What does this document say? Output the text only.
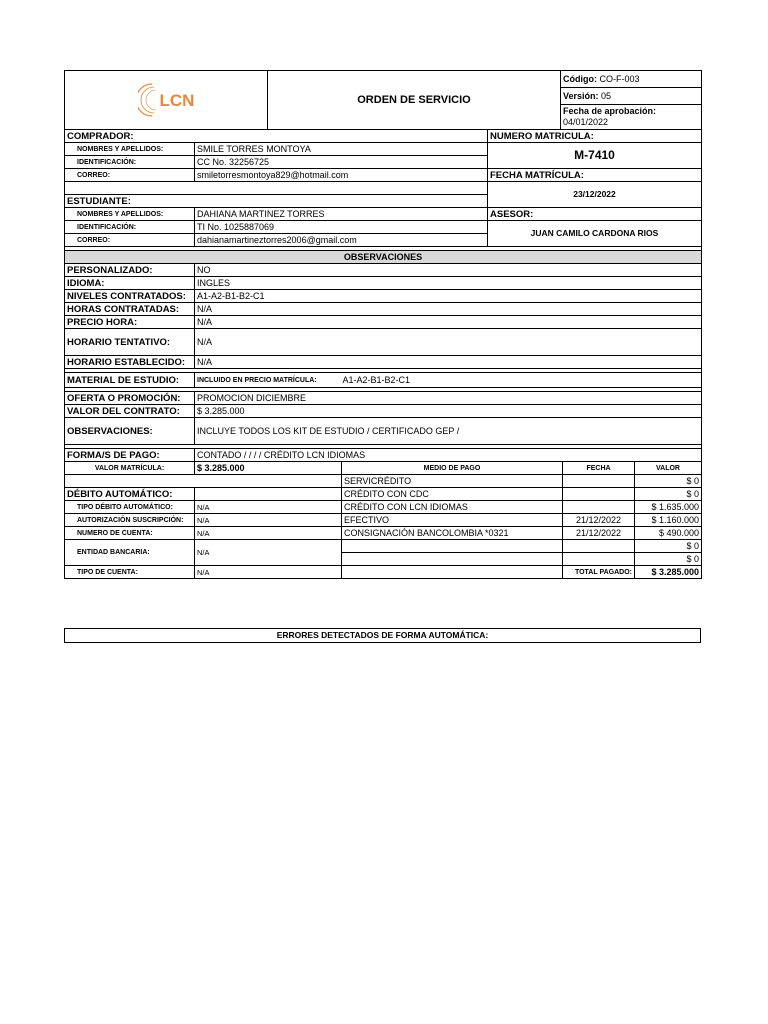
LCN	ORDEN DE SERVICIO	Código: CO-F-003
Versión: 05
Fecha de aprobación:
04/01/2022
COMPRADOR:		NUMERO MATRICULA:
NOMBRES Y APELLIDOS:	SMILE TORRES MONTOYA	M-7410
IDENTIFICACIÓN:	CC No. 32256725	
CORREO:	smiletorresmontoya829@hotmail.com	FECHA MATRÍCULA:
		23/12/2022
ESTUDIANTE:		
NOMBRES Y APELLIDOS:	DAHIANA MARTINEZ TORRES	ASESOR:
IDENTIFICACIÓN:	TI No. 1025887069	JUAN CAMILO CARDONA RIOS
CORREO:	dahianamartineztorres2006@gmail.com	

OBSERVACIONES		
PERSONALIZADO:	NO	
IDIOMA:	INGLES	
NIVELES CONTRATADOS:	A1-A2-B1-B2-C1	
HORAS CONTRATADAS:	N/A	
PRECIO HORA:	N/A	
HORARIO TENTATIVO:	N/A	
HORARIO ESTABLECIDO:	N/A	

MATERIAL DE ESTUDIO:	INCLUIDO EN PRECIO MATRÍCULA:	A1-A2-B1-B2-C1

OFERTA O PROMOCIÓN:	PROMOCION DICIEMBRE	
VALOR DEL CONTRATO:	$ 3.285.000	
OBSERVACIONES:	INCLUYE TODOS LOS KIT DE ESTUDIO / CERTIFICADO GEP /	

FORMA/S DE PAGO:	CONTADO / / / / CRÉDITO LCN IDIOMAS			
VALOR MATRÍCULA:	$ 3.285.000	MEDIO DE PAGO	FECHA	VALOR
		SERVICRÉDITO		$ 0
DÉBITO AUTOMÁTICO:		CRÉDITO CON CDC		$ 0
TIPO DÉBITO AUTOMÁTICO:	N/A	CRÉDITO CON LCN IDIOMAS		$ 1.635.000
AUTORIZACIÓN SUSCRIPCIÓN:	N/A	EFECTIVO	21/12/2022	$ 1.160.000
NUMERO DE CUENTA:	N/A	CONSIGNACIÓN BANCOLOMBIA *0321	21/12/2022	$ 490.000
ENTIDAD BANCARIA:	N/A			$ 0
				$ 0
TIPO DE CUENTA:	N/A		TOTAL PAGADO:	$ 3.285.000
ERRORES DETECTADOS DE FORMA AUTOMÁTICA:
